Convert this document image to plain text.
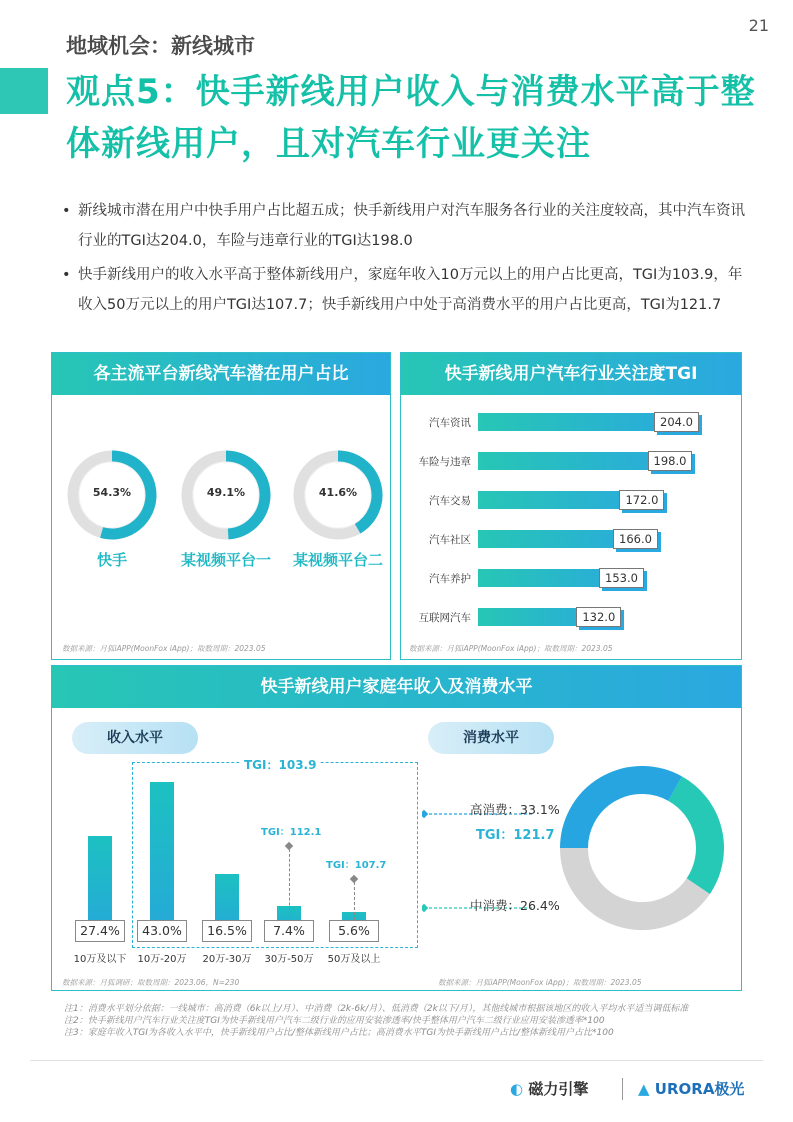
21
地域机会：新线城市
观点5：快手新线用户收入与消费水平高于整体新线用户，且对汽车行业更关注
• 新线城市潜在用户中快手用户占比超五成；快手新线用户对汽车服务各行业的关注度较高，其中汽车资讯行业的TGI达204.0，车险与违章行业的TGI达198.0
• 快手新线用户的收入水平高于整体新线用户，家庭年收入10万元以上的用户占比更高，TGI为103.9，年收入50万元以上的用户TGI达107.7；快手新线用户中处于高消费水平的用户占比更高，TGI为121.7
各主流平台新线汽车潜在用户占比
54.3%
快手
49.1%
某视频平台一
41.6%
某视频平台二
数据来源：月狐iAPP(MoonFox iApp)；取数周期：2023.05
快手新线用户汽车行业关注度TGI
汽车资讯	204.0
车险与违章	198.0
汽车交易	172.0
汽车社区	166.0
汽车养护	153.0
互联网汽车	132.0
数据来源：月狐iAPP(MoonFox iApp)；取数周期：2023.05
快手新线用户家庭年收入及消费水平
收入水平	消费水平
TGI：103.9
27.4%
10万及以下
43.0%
10万-20万
16.5%
20万-30万
7.4%
30万-50万
5.6%
50万及以上
TGI：112.1
TGI：107.7
数据来源：月狐调研；取数周期：2023.06，N=230
高消费：33.1%
TGI：121.7
中消费：26.4%
数据来源：月狐iAPP(MoonFox iApp)；取数周期：2023.05
注1：消费水平划分依据：一线城市：高消费（6k以上/月）、中消费（2k-6k/月）、低消费（2k以下/月），其他线城市根据该地区的收入平均水平适当调低标准
注2：快手新线用户汽车行业关注度TGI为快手新线用户汽车二级行业的应用安装渗透率/快手整体用户汽车二级行业应用安装渗透率*100
注3：家庭年收入TGI为各收入水平中，快手新线用户占比/整体新线用户占比；高消费水平TGI为快手新线用户占比/整体新线用户占比*100
◐ 磁力引擎	▲ URORA极光
